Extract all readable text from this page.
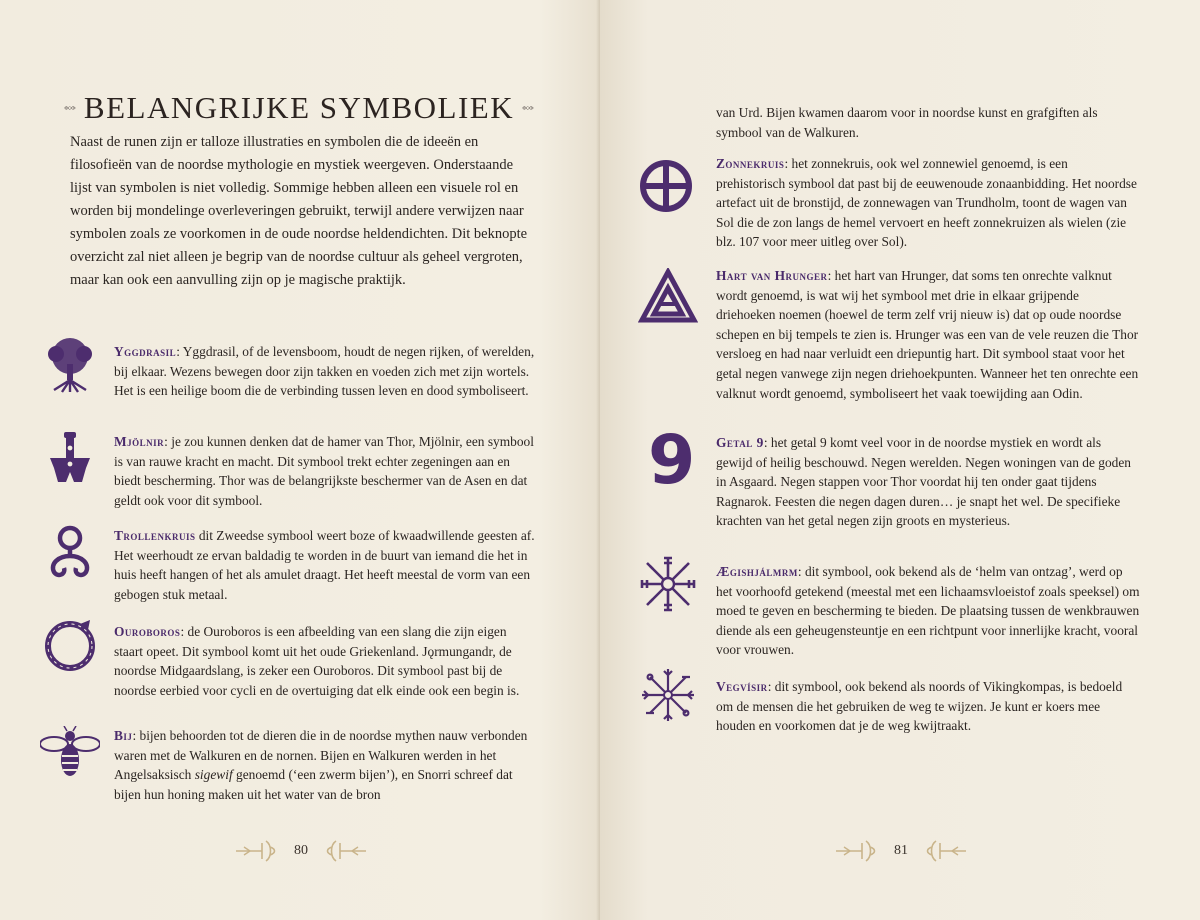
BELANGRIJKE SYMBOLIEK

Naast de runen zijn er talloze illustraties en symbolen die de ideeën en filosofieën van de noordse mythologie en mystiek weergeven. Onderstaande lijst van symbolen is niet volledig. Sommige hebben alleen een visuele rol en worden bij mondelinge overleveringen gebruikt, terwijl andere verwijzen naar symbolen zoals ze voorkomen in de oude noordse heldendichten. Dit beknopte overzicht zal niet alleen je begrip van de noordse cultuur als geheel vergroten, maar kan ook een aanvulling zijn op je magische praktijk.

Yggdrasil: Yggdrasil, of de levensboom, houdt de negen rijken, of werelden, bij elkaar. Wezens bewegen door zijn takken en voeden zich met zijn wortels. Het is een heilige boom die de verbinding tussen leven en dood symboliseert.

Mjölnir: je zou kunnen denken dat de hamer van Thor, Mjölnir, een symbool is van rauwe kracht en macht. Dit symbool trekt echter zegeningen aan en biedt bescherming. Thor was de belangrijkste beschermer van de Asen en dat geldt ook voor dit symbool.

Trollenkruis dit Zweedse symbool weert boze of kwaadwillende geesten af. Het weerhoudt ze ervan baldadig te worden in de buurt van iemand die het in huis heeft hangen of het als amulet draagt. Het heeft meestal de vorm van een gebogen stuk metaal.

Ouroboros: de Ouroboros is een afbeelding van een slang die zijn eigen staart opeet. Dit symbool komt uit het oude Griekenland. Jǫrmungandr, de noordse Midgaardslang, is zeker een Ouroboros. Dit symbool past bij de noordse eerbied voor cycli en de overtuiging dat elk einde ook een begin is.

Bij: bijen behoorden tot de dieren die in de noordse mythen nauw verbonden waren met de Walkuren en de nornen. Bijen en Walkuren werden in het Angelsaksisch sigewif genoemd (‘een zwerm bijen’), en Snorri schreef dat bijen hun honing maken uit het water van de bron

80

van Urd. Bijen kwamen daarom voor in noordse kunst en grafgiften als symbool van de Walkuren.

Zonnekruis: het zonnekruis, ook wel zonnewiel genoemd, is een prehistorisch symbool dat past bij de eeuwenoude zonaanbidding. Het noordse artefact uit de bronstijd, de zonnewagen van Trundholm, toont de wagen van Sol die de zon langs de hemel vervoert en heeft zonnekruizen als wielen (zie blz. 107 voor meer uitleg over Sol).

Hart van Hrunger: het hart van Hrunger, dat soms ten onrechte valknut wordt genoemd, is wat wij het symbool met drie in elkaar grijpende driehoeken noemen (hoewel de term zelf vrij nieuw is) dat op oude noordse schepen en bij tempels te zien is. Hrunger was een van de vele reuzen die Thor versloeg en had naar verluidt een driepuntig hart. Dit symbool staat voor het getal negen vanwege zijn negen driehoekpunten. Wanneer het ten onrechte een valknut wordt genoemd, symboliseert het vaak toewijding aan Odin.

9	Getal 9: het getal 9 komt veel voor in de noordse mystiek en wordt als gewijd of heilig beschouwd. Negen werelden. Negen woningen van de goden in Asgaard. Negen stappen voor Thor voordat hij ten onder gaat tijdens Ragnarok. Feesten die negen dagen duren… je snapt het wel. De specifieke krachten van het getal negen zijn groots en mysterieus.

Ægishjálmrm: dit symbool, ook bekend als de ‘helm van ontzag’, werd op het voorhoofd getekend (meestal met een lichaamsvloeistof zoals speeksel) om moed te geven en bescherming te bieden. De plaatsing tussen de wenkbrauwen diende als een geheugensteuntje en een richtpunt voor innerlijke kracht, vooral voor vrouwen.

Vegvísir: dit symbool, ook bekend als noords of Vikingkompas, is bedoeld om de mensen die het gebruiken de weg te wijzen. Je kunt er koers mee houden en voorkomen dat je de weg kwijtraakt.

81
